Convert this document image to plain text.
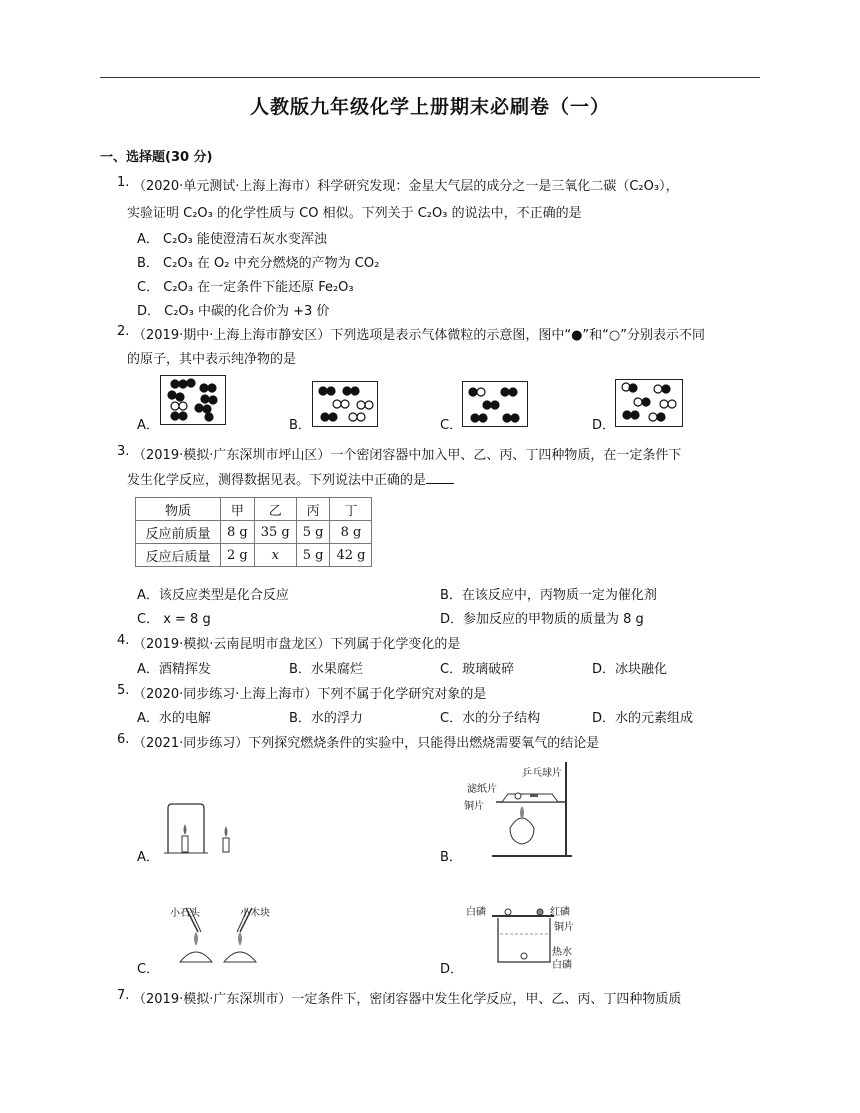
人教版九年级化学上册期末必刷卷（一）
一、选择题(30 分)
1. （2020·单元测试·上海上海市）科学研究发现：金星大气层的成分之一是三氧化二碳（C₂O₃），
实验证明 C₂O₃ 的化学性质与 CO 相似。下列关于 C₂O₃ 的说法中，不正确的是
A． C₂O₃ 能使澄清石灰水变浑浊
B． C₂O₃ 在 O₂ 中充分燃烧的产物为 CO₂
C． C₂O₃ 在一定条件下能还原 Fe₂O₃
D． C₂O₃ 中碳的化合价为 +3 价
2. （2019·期中·上海上海市静安区）下列选项是表示气体微粒的示意图，图中“●”和“○”分别表示不同
的原子，其中表示纯净物的是
A．	B．	C．	D．
3. （2019·模拟·广东深圳市坪山区）一个密闭容器中加入甲、乙、丙、丁四种物质，在一定条件下
发生化学反应，测得数据见表。下列说法中正确的是
物质	甲	乙	丙	丁
反应前质量	8 g	35 g	5 g	8 g
反应后质量	2 g	x	5 g	42 g
A．该反应类型是化合反应	B．在该反应中，丙物质一定为催化剂
C． x = 8 g	D．参加反应的甲物质的质量为 8 g
4. （2019·模拟·云南昆明市盘龙区）下列属于化学变化的是
A．酒精挥发	B．水果腐烂	C．玻璃破碎	D．冰块融化
5. （2020·同步练习·上海上海市）下列不属于化学研究对象的是
A．水的电解	B．水的浮力	C．水的分子结构	D．水的元素组成
6. （2021·同步练习）下列探究燃烧条件的实验中，只能得出燃烧需要氧气的结论是
A．	B．
乒乓球片
滤纸片
铜片
C．
小石头	小木块
D．
白磷	红磷
铜片
热水
白磷
7. （2019·模拟·广东深圳市）一定条件下，密闭容器中发生化学反应，甲、乙、丙、丁四种物质质
